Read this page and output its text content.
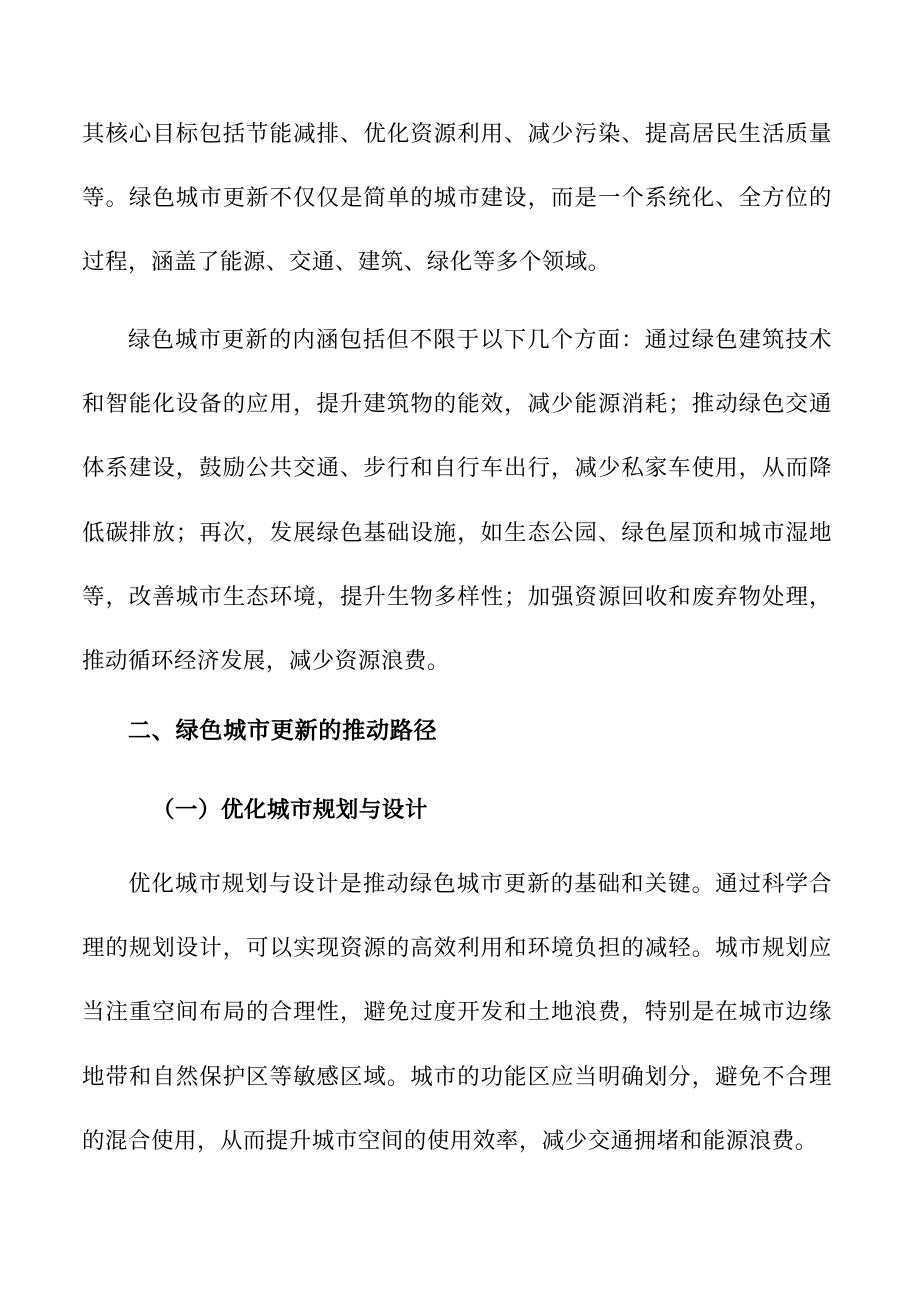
其核心目标包括节能减排、优化资源利用、减少污染、提高居民生活质量等。绿色城市更新不仅仅是简单的城市建设，而是一个系统化、全方位的过程，涵盖了能源、交通、建筑、绿化等多个领域。

绿色城市更新的内涵包括但不限于以下几个方面：通过绿色建筑技术和智能化设备的应用，提升建筑物的能效，减少能源消耗；推动绿色交通体系建设，鼓励公共交通、步行和自行车出行，减少私家车使用，从而降低碳排放；再次，发展绿色基础设施，如生态公园、绿色屋顶和城市湿地等，改善城市生态环境，提升生物多样性；加强资源回收和废弃物处理，推动循环经济发展，减少资源浪费。

二、绿色城市更新的推动路径
（一）优化城市规划与设计

优化城市规划与设计是推动绿色城市更新的基础和关键。通过科学合理的规划设计，可以实现资源的高效利用和环境负担的减轻。城市规划应当注重空间布局的合理性，避免过度开发和土地浪费，特别是在城市边缘地带和自然保护区等敏感区域。城市的功能区应当明确划分，避免不合理的混合使用，从而提升城市空间的使用效率，减少交通拥堵和能源浪费。
